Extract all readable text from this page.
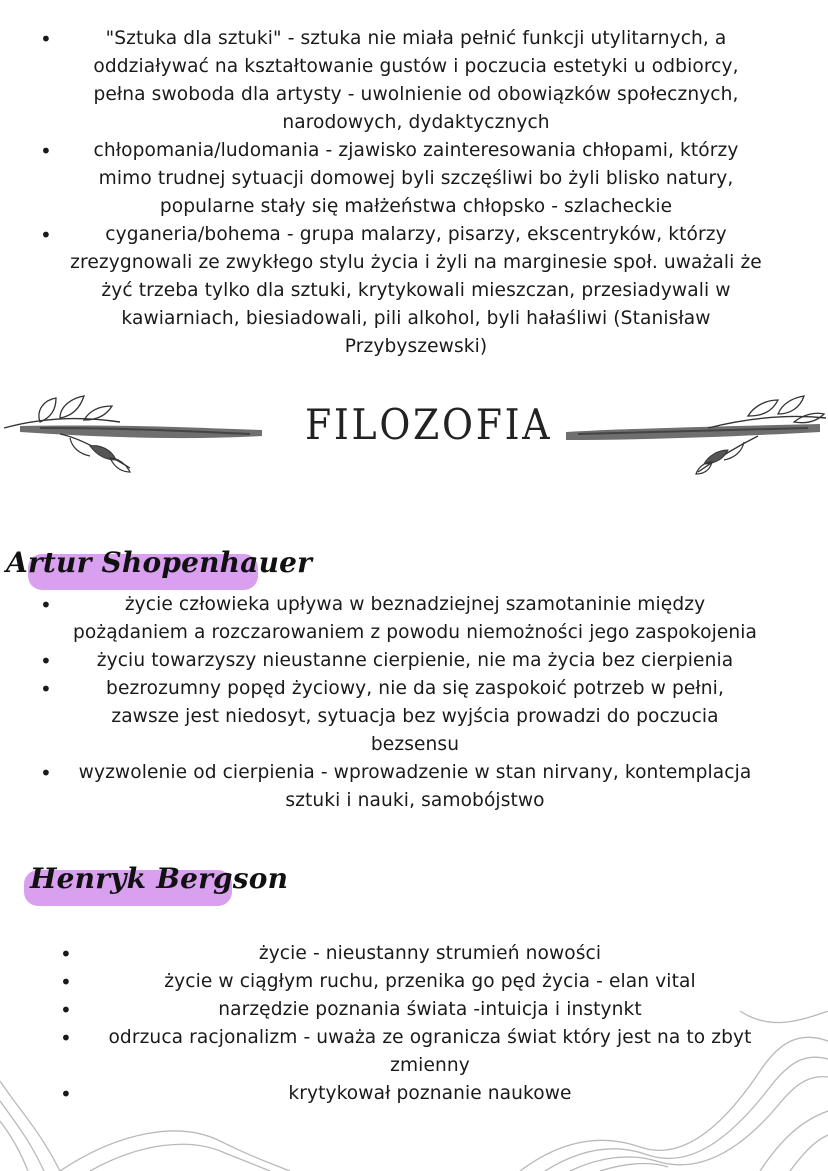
• "Sztuka dla sztuki" - sztuka nie miała pełnić funkcji utylitarnych, a oddziaływać na kształtowanie gustów i poczucia estetyki u odbiorcy, pełna swoboda dla artysty - uwolnienie od obowiązków społecznych, narodowych, dydaktycznych
• chłopomania/ludomania - zjawisko zainteresowania chłopami, którzy mimo trudnej sytuacji domowej byli szczęśliwi bo żyli blisko natury, popularne stały się małżeństwa chłopsko - szlacheckie
• cyganeria/bohema - grupa malarzy, pisarzy, ekscentryków, którzy zrezygnowali ze zwykłego stylu życia i żyli na marginesie społ. uważali że żyć trzeba tylko dla sztuki, krytykowali mieszczan, przesiadywali w kawiarniach, biesiadowali, pili alkohol, byli hałaśliwi (Stanisław Przybyszewski)
FILOZOFIA
Artur Shopenhauer
• życie człowieka upływa w beznadziejnej szamotaninie między pożądaniem a rozczarowaniem z powodu niemożności jego zaspokojenia
• życiu towarzyszy nieustanne cierpienie, nie ma życia bez cierpienia
• bezrozumny popęd życiowy, nie da się zaspokoić potrzeb w pełni, zawsze jest niedosyt, sytuacja bez wyjścia prowadzi do poczucia bezsensu
• wyzwolenie od cierpienia - wprowadzenie w stan nirvany, kontemplacja sztuki i nauki, samobójstwo
Henryk Bergson
• życie - nieustanny strumień nowości
• życie w ciągłym ruchu, przenika go pęd życia - elan vital
• narzędzie poznania świata -intuicja i instynkt
• odrzuca racjonalizm - uważa ze ogranicza świat który jest na to zbyt zmienny
• krytykował poznanie naukowe
